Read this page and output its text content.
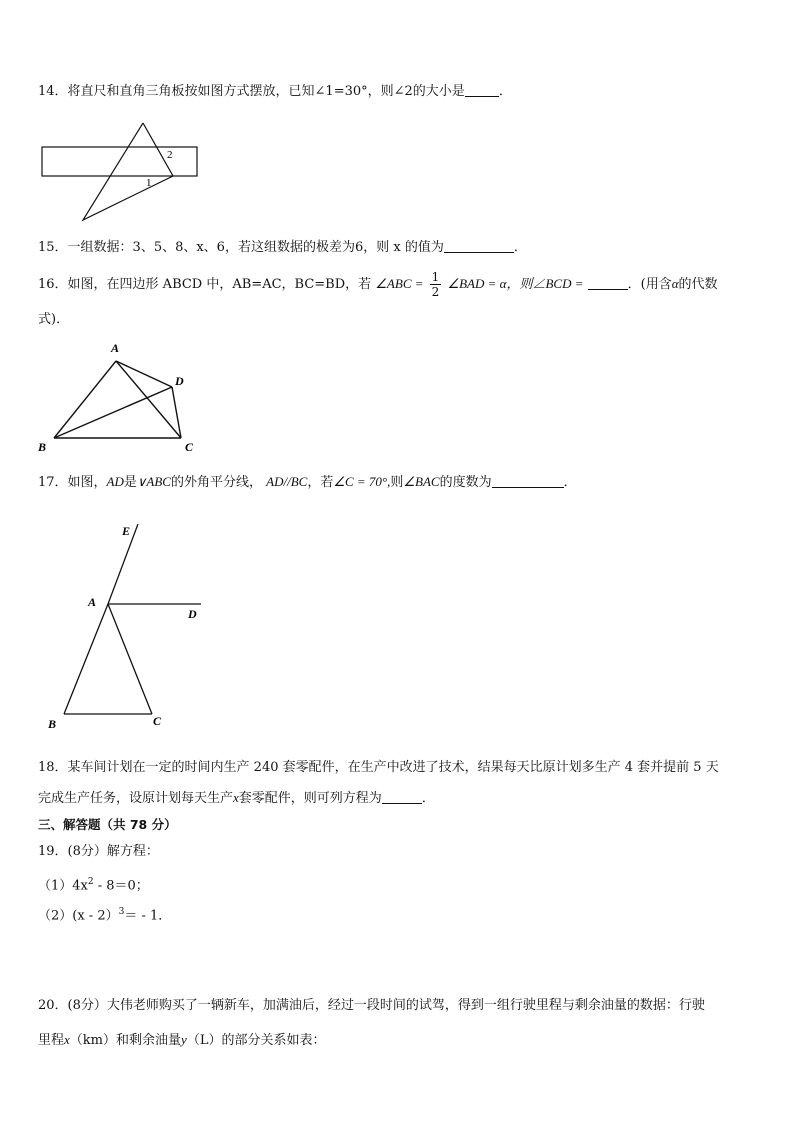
14．将直尺和直角三角板按如图方式摆放，已知∠1=30°，则∠2的大小是	．
2
1
15．一组数据：3、5、8、x、6，若这组数据的极差为6，则 x 的值为	．
16．如图，在四边形 ABCD 中，AB=AC，BC=BD，若 ∠ABC = $\frac{1}{2}$ ∠BAD = α，则∠BCD =	．(用含α的代数
式)．
A
D
B	C
17．如图，AD是∨ABC的外角平分线， AD//BC，若∠C = 70°,则∠BAC的度数为	．
E
A
D
B	C
18．某车间计划在一定的时间内生产 240 套零配件，在生产中改进了技术，结果每天比原计划多生产 4 套并提前 5 天
完成生产任务，设原计划每天生产x套零配件，则可列方程为	．
三、解答题（共 78 分）
19．(8分）解方程：
$(1)4x^2 - 8=0$；
（2）(x - 2）$^3$＝ - 1．
20．(8分）大伟老师购买了一辆新车，加满油后，经过一段时间的试驾，得到一组行驶里程与剩余油量的数据：行驶
里程x（km）和剩余油量y（L）的部分关系如表：
